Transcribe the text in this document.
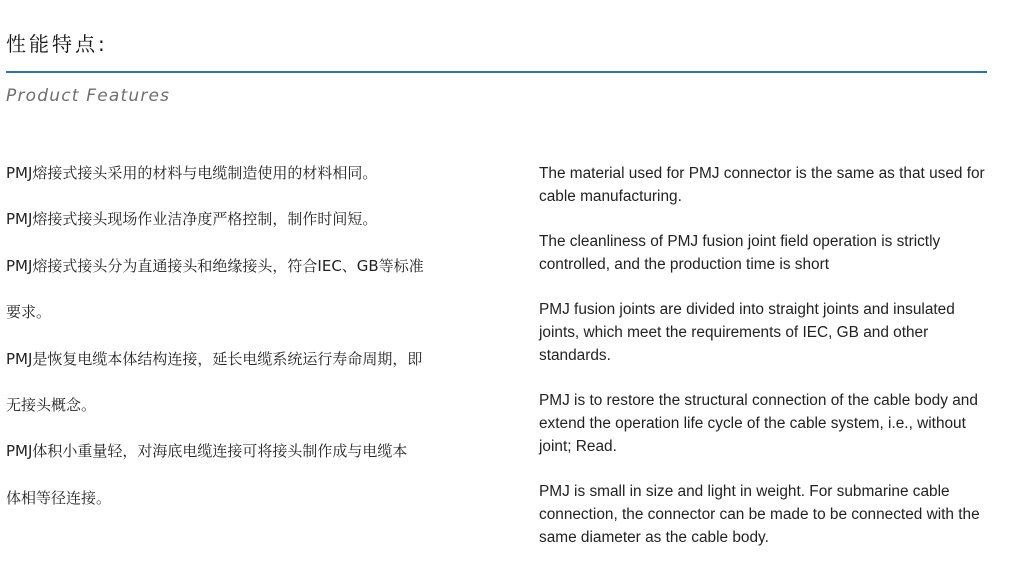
性能特点:
Product Features
PMJ熔接式接头采用的材料与电缆制造使用的材料相同。
PMJ熔接式接头现场作业洁净度严格控制，制作时间短。
PMJ熔接式接头分为直通接头和绝缘接头，符合IEC、GB等标准
要求。
PMJ是恢复电缆本体结构连接，延长电缆系统运行寿命周期，即
无接头概念。
PMJ体积小重量轻，对海底电缆连接可将接头制作成与电缆本
体相等径连接。

The material used for PMJ connector is the same as that used for cable manufacturing.

The cleanliness of PMJ fusion joint field operation is strictly controlled, and the production time is short

PMJ fusion joints are divided into straight joints and insulated joints, which meet the requirements of IEC, GB and other standards.

PMJ is to restore the structural connection of the cable body and extend the operation life cycle of the cable system, i.e., without joint; Read.

PMJ is small in size and light in weight. For submarine cable connection, the connector can be made to be connected with the same diameter as the cable body.
